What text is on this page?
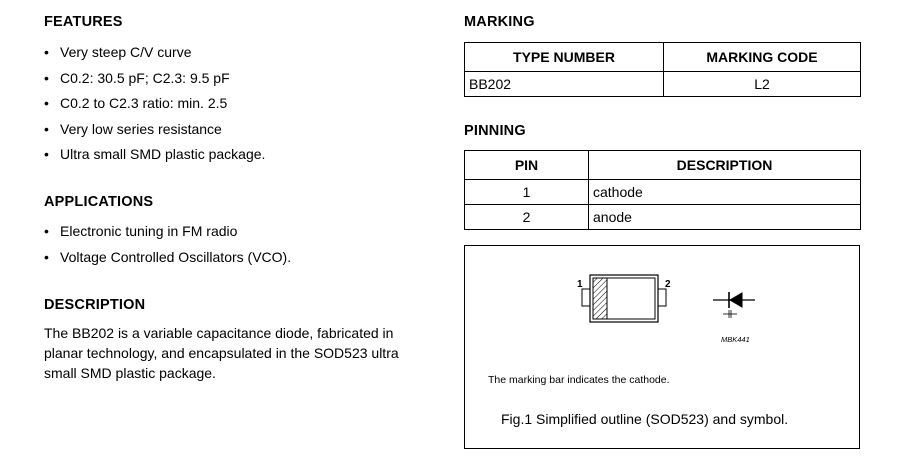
FEATURES
• Very steep C/V curve
• C0.2: 30.5 pF; C2.3: 9.5 pF
• C0.2 to C2.3 ratio: min. 2.5
• Very low series resistance
• Ultra small SMD plastic package.
APPLICATIONS
• Electronic tuning in FM radio
• Voltage Controlled Oscillators (VCO).
DESCRIPTION
The BB202 is a variable capacitance diode, fabricated in
planar technology, and encapsulated in the SOD523 ultra
small SMD plastic package.
MARKING
TYPE NUMBER	MARKING CODE
BB202	L2
PINNING
PIN	DESCRIPTION
1	cathode
2	anode
1	2
MBK441
The marking bar indicates the cathode.
Fig.1 Simplified outline (SOD523) and symbol.
